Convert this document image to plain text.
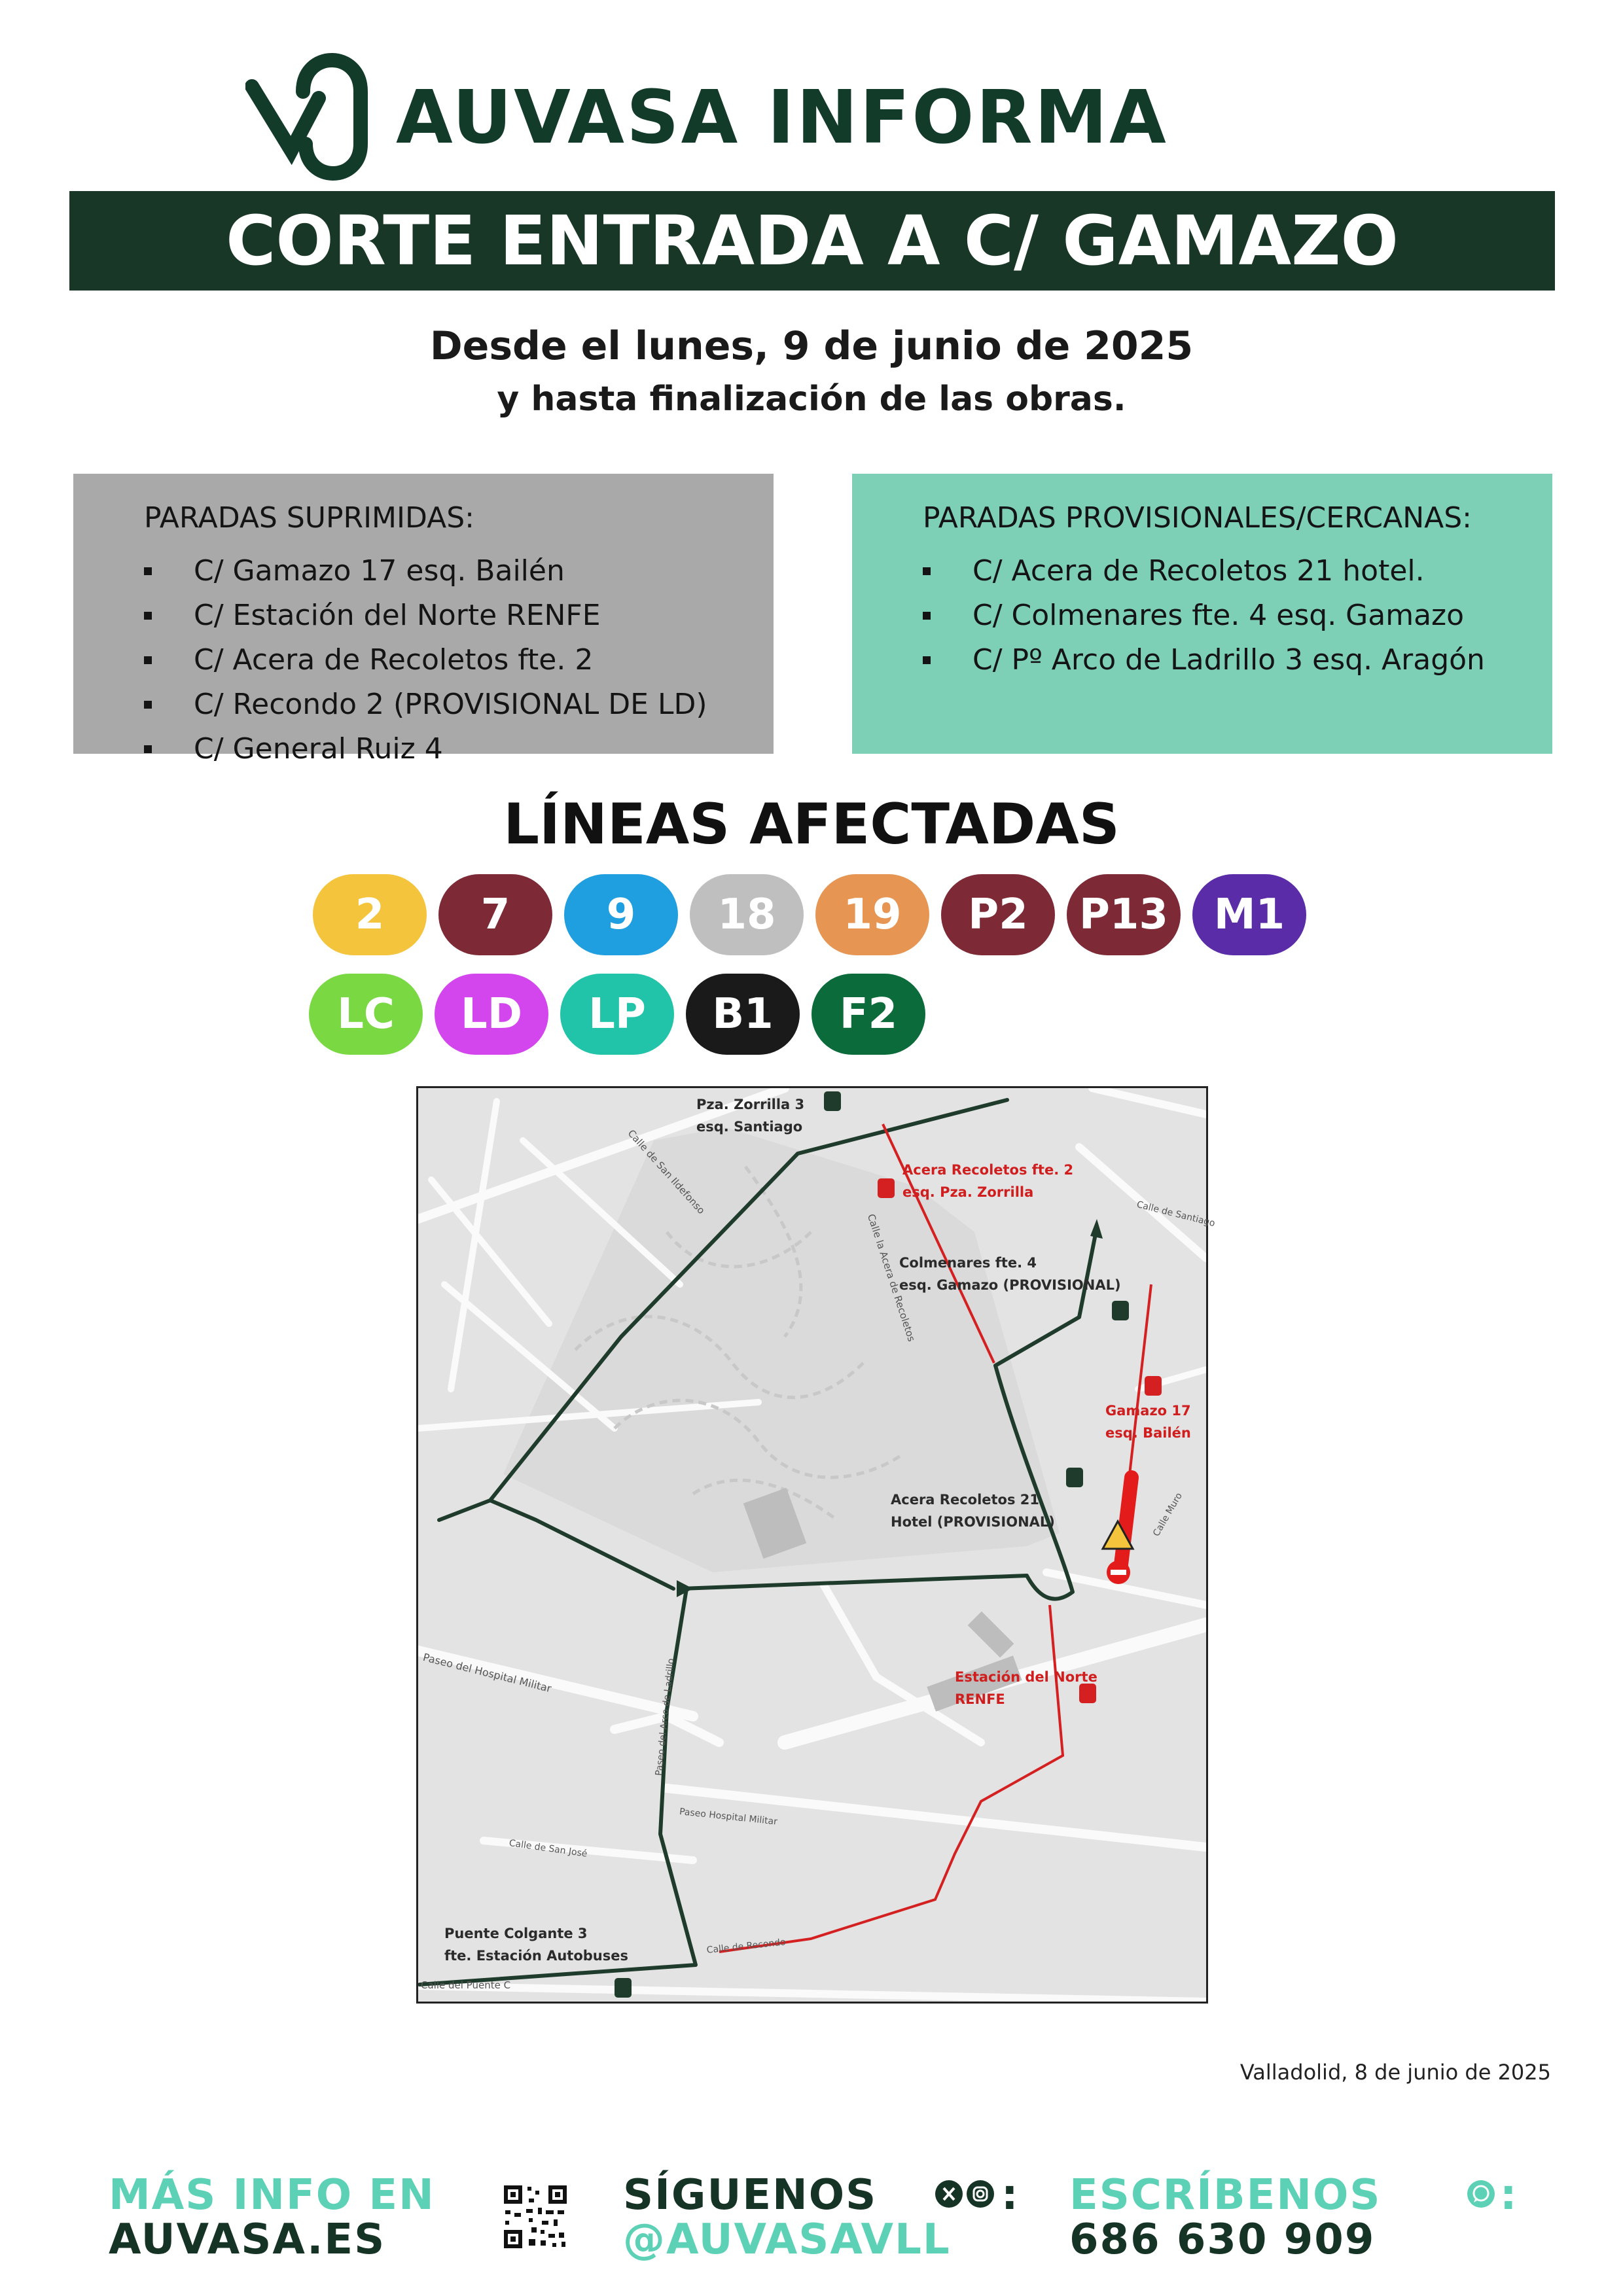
AUVASA INFORMA
CORTE ENTRADA A C/ GAMAZO
Desde el lunes, 9 de junio de 2025
y hasta finalización de las obras.
PARADAS SUPRIMIDAS:
C/ Gamazo 17 esq. Bailén
C/ Estación del Norte RENFE
C/ Acera de Recoletos fte. 2
C/ Recondo 2 (PROVISIONAL DE LD)
C/ General Ruiz 4
PARADAS PROVISIONALES/CERCANAS:
C/ Acera de Recoletos 21 hotel.
C/ Colmenares fte. 4 esq. Gamazo
C/ Pº Arco de Ladrillo 3 esq. Aragón
LÍNEAS AFECTADAS
2	7	9	18	19	P2	P13	M1
LC	LD	LP	B1	F2
Calle de San Ildefonso
Calle la Acera de Recoletos
Paseo del Hospital Militar
Paseo Hospital Militar
Calle de San José
Paseo del Arco de Ladrillo
Calle de Recondo
Calle del Puente C
Calle Muro
Calle de Santiago
Pza. Zorrilla 3
esq. Santiago
Acera Recoletos fte. 2
esq. Pza. Zorrilla
Colmenares fte. 4
esq. Gamazo (PROVISIONAL)
Gamazo 17
esq. Bailén
Acera Recoletos 21
Hotel (PROVISIONAL)
Estación del Norte
RENFE
Puente Colgante 3
fte. Estación Autobuses
Valladolid, 8 de junio de 2025
MÁS INFO EN
AUVASA.ES
SÍGUENOS	:
@AUVASAVLL
ESCRÍBENOS	:
686 630 909
